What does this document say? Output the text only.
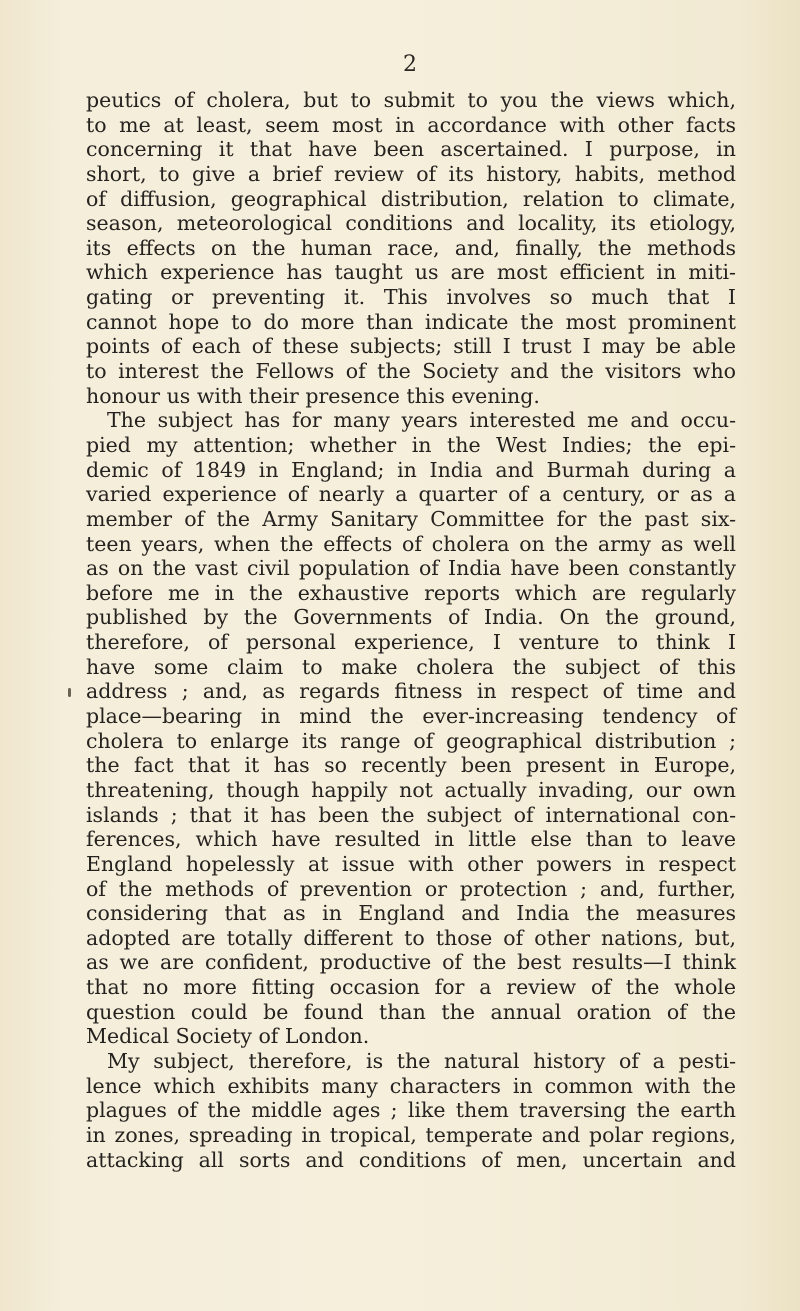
2
peutics of cholera, but to submit to you the views which,
to me at least, seem most in accordance with other facts
concerning it that have been ascertained. I purpose, in
short, to give a brief review of its history, habits, method
of diffusion, geographical distribution, relation to climate,
season, meteorological conditions and locality, its etiology,
its effects on the human race, and, finally, the methods
which experience has taught us are most efficient in miti-
gating or preventing it. This involves so much that I
cannot hope to do more than indicate the most prominent
points of each of these subjects; still I trust I may be able
to interest the Fellows of the Society and the visitors who
honour us with their presence this evening.
The subject has for many years interested me and occu-
pied my attention; whether in the West Indies; the epi-
demic of 1849 in England; in India and Burmah during a
varied experience of nearly a quarter of a century, or as a
member of the Army Sanitary Committee for the past six-
teen years, when the effects of cholera on the army as well
as on the vast civil population of India have been constantly
before me in the exhaustive reports which are regularly
published by the Governments of India. On the ground,
therefore, of personal experience, I venture to think I
have some claim to make cholera the subject of this
address ; and, as regards fitness in respect of time and
place—bearing in mind the ever-increasing tendency of
cholera to enlarge its range of geographical distribution ;
the fact that it has so recently been present in Europe,
threatening, though happily not actually invading, our own
islands ; that it has been the subject of international con-
ferences, which have resulted in little else than to leave
England hopelessly at issue with other powers in respect
of the methods of prevention or protection ; and, further,
considering that as in England and India the measures
adopted are totally different to those of other nations, but,
as we are confident, productive of the best results—I think
that no more fitting occasion for a review of the whole
question could be found than the annual oration of the
Medical Society of London.
My subject, therefore, is the natural history of a pesti-
lence which exhibits many characters in common with the
plagues of the middle ages ; like them traversing the earth
in zones, spreading in tropical, temperate and polar regions,
attacking all sorts and conditions of men, uncertain and
